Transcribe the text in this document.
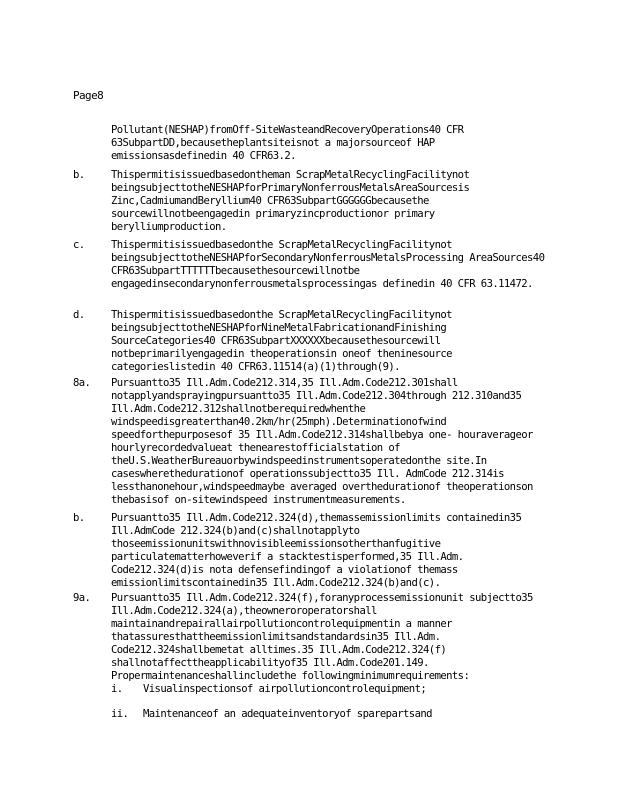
Page8
Pollutant(NESHAP)fromOff-SiteWasteandRecoveryOperations40 CFR 63SubpartDD,becausetheplantsiteisnot a majorsourceof HAP emissionsasdefinedin 40 CFR63.2.
b. Thispermitisissuedbasedontheman ScrapMetalRecyclingFacilitynot beingsubjecttotheNESHAPforPrimaryNonferrousMetalsAreaSourcesis Zinc,CadmiumandBeryllium40 CFR63SubpartGGGGGGbecausethe sourcewillnotbeengagedin primaryzincproductionor primary berylliumproduction.
c. Thispermitisissuedbasedonthe ScrapMetalRecyclingFacilitynot beingsubjecttotheNESHAPforSecondaryNonferrousMetalsProcessing AreaSources40 CFR63SubpartTTTTTTbecausethesourcewillnotbe engagedinsecondarynonferrousmetalsprocessingas definedin 40 CFR 63.11472.
d. Thispermitisissuedbasedonthe ScrapMetalRecyclingFacilitynot beingsubjecttotheNESHAPforNineMetalFabricationandFinishing SourceCategories40 CFR63SubpartXXXXXXbecausethesourcewill notbeprimarilyengagedin theoperationsin oneof theninesource categorieslistedin 40 CFR63.11514(a)(1)through(9).
8a. Pursuantto35 Ill.Adm.Code212.314,35 Ill.Adm.Code212.301shall notapplyandsprayingpursuantto35 Ill.Adm.Code212.304through 212.310and35 Ill.Adm.Code212.312shallnotberequiredwhenthe windspeedisgreaterthan40.2km/hr(25mph).Determinationofwind speedforthepurposesof 35 Ill.Adm.Code212.314shallbebya one- houraverageor hourlyrecordedvalueat thenearestofficialstation of theU.S.WeatherBureauorbywindspeedinstrumentsoperatedonthe site.In caseswherethedurationof operationssubjectto35 Ill. AdmCode 212.314is lessthanonehour,windspeedmaybe averaged overthedurationof theoperationson thebasisof on-sitewindspeed instrumentmeasurements.
b. Pursuantto35 Ill.Adm.Code212.324(d),themassemissionlimits containedin35 Ill.AdmCode 212.324(b)and(c)shallnotapplyto thoseemissionunitswithnovisibleemissionsotherthanfugitive particulatematterhoweverif a stacktestisperformed,35 Ill.Adm. Code212.324(d)is nota defensefindingof a violationof themass emissionlimitscontainedin35 Ill.Adm.Code212.324(b)and(c).
9a. Pursuantto35 Ill.Adm.Code212.324(f),foranyprocessemissionunit subjectto35 Ill.Adm.Code212.324(a),theowneroroperatorshall maintainandrepairallairpollutioncontrolequipmentin a manner thatassuresthattheemissionlimitsandstandardsin35 Ill.Adm. Code212.324shallbemetat alltimes.35 Ill.Adm.Code212.324(f) shallnotaffecttheapplicabilityof35 Ill.Adm.Code201.149. Propermaintenanceshallincludethe followingminimumrequirements:
i. Visualinspectionsof airpollutioncontrolequipment;
ii. Maintenanceof an adequateinventoryof sparepartsand
